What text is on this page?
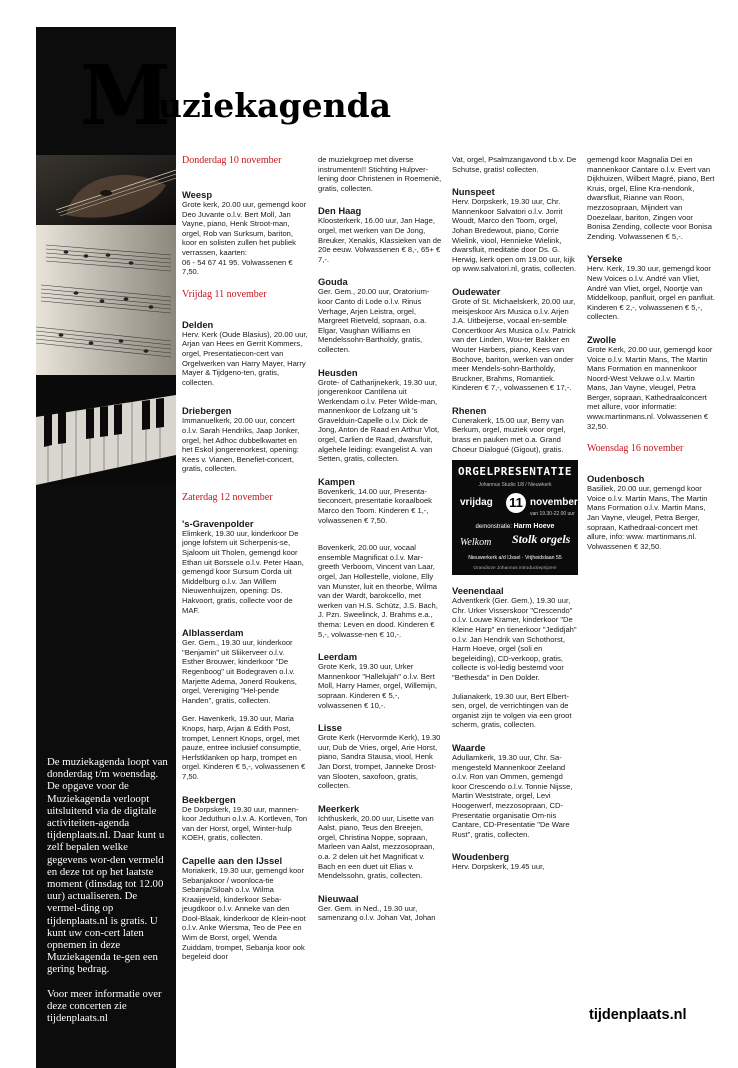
De muziekagenda loopt van donderdag t/m woensdag. De opgave voor de Muziekagenda verloopt uitsluitend via de digitale activiteiten-agenda tijdenplaats.nl. Daar kunt u zelf bepalen welke gegevens wor-den vermeld en deze tot op het laatste moment (dinsdag tot 12.00 uur) actualiseren. De vermel-ding op tijdenplaats.nl is gratis. U kunt uw con-cert laten opnemen in deze Muziekagenda te-gen een gering bedrag.

Voor meer informatie over deze concerten zie tijdenplaats.nl

M
uziekagenda

Donderdag 10 november

Weesp

Grote kerk, 20.00 uur, gemengd koor Deo Juvante o.l.v. Bert Moll, Jan Vayne, piano, Henk Stroot-man, orgel, Rob van Surksum, bariton, koor en solisten zullen het publiek verrassen, kaarten:
06 - 54 67 41 95. Volwassenen € 7,50.

Vrijdag 11 november

Delden

Herv. Kerk (Oude Blasius), 20.00 uur, Arjan van Hees en Gerrit Kommers, orgel, Presentatiecon-cert van Orgelwerken van Harry Mayer, Harry Mayer & Tijdgeno-ten, gratis, collecten.

Driebergen

Immanuelkerk, 20.00 uur, concert o.l.v. Sarah Hendriks, Jaap Jonker, orgel, het Adhoc dubbelkwartet en het Eskol jongerenorkest, opening: Kees v. Vianen, Benefiet-concert, gratis, collecten.

Zaterdag 12 november

's-Gravenpolder

Elimkerk, 19.30 uur, kinderkoor De jonge lofstem uit Scherpenis-se, Sjaloom uit Tholen, gemengd koor Ethan uit Borssele o.l.v. Peter Haan, gemengd koor Sursum Corda uit Middelburg o.l.v. Jan Willem Nieuwenhuijzen, opening: Ds. Hakvoort, gratis, collecte voor de MAF.

Alblasserdam

Ger. Gem., 19.30 uur, kinderkoor "Benjamin" uit Sliikerveer o.l.v. Esther Brouwer, kinderkoor "De Regenboog" uit Bodegraven o.l.v. Marjette Adema, Jonerd Roukens, orgel, Vereniging "Hel-pende Handen", gratis, collecten.

Ger. Havenkerk, 19.30 uur, Maria Knops, harp, Arjan & Edith Post, trompet, Lennert Knops, orgel, met pauze, entree inclusief consumptie, Herfstklanken op harp, trompet en orgel. Kinderen € 5,-, volwassenen € 7,50.

Beekbergen

De Dorpskerk, 19.30 uur, mannen-koor Jeduthun o.l.v. A. Kortleven, Ton van der Horst, orgel, Winter-hulp KOEH, gratis, collecten.

Capelle aan den IJssel

Moriakerk, 19.30 uur, gemengd koor Sebanjakoor / woonloca-tie Sebanja/Siloah o.l.v. Wilma Kraaijeveld, kinderkoor Seba-jeugdkoor o.l.v. Anneke van den Dool-Blaak, kinderkoor de Klein-noot o.l.v. Anke Wiersma, Teo de Pee en Wim de Borst, orgel, Wenda Zuiddam, trompet, Sebanja koor ook begeleid door

de muziekgroep met diverse instrumenten!! Stichting Hulpver-lening door Christenen in Roemenië, gratis, collecten.

Den Haag

Kloosterkerk, 16.00 uur, Jan Hage, orgel, met werken van De Jong, Breuker, Xenakis, Klassieken van de 20e eeuw. Volwassenen € 8,-, 65+ € 7,-.

Gouda

Ger. Gem., 20.00 uur, Oratorium-koor Canto di Lode o.l.v. Rinus Verhage, Arjen Leistra, orgel, Margreet Rietveld, sopraan, o.a. Elgar, Vaughan Williams en Mendelssohn-Bartholdy, gratis, collecten.

Heusden

Grote- of Catharijnekerk, 19.30 uur, jongerenkoor Cantilena uit Werkendam o.l.v. Peter Wilde-man, mannenkoor de Lofzang uit 's Gravelduin-Capelle o.l.v. Dick de Jong, Anton de Raad en Arthur Vlot, orgel, Carlien de Raad, dwarsfluit, algehele leiding: evangelist A. van Setten, gratis, collecten.

Kampen

Bovenkerk, 14.00 uur, Presenta-tieconcert, presentatie koraalboek Marco den Toom. Kinderen € 1,-, volwassenen € 7,50.

Bovenkerk, 20.00 uur, vocaal ensemble Magnificat o.l.v. Mar-greeth Verboom, Vincent van Laar, orgel, Jan Hollestelle, violone, Elly van Munster, luit en theorbe, Wilma van der Wardt, barokcello, met werken van H.S. Schütz, J.S. Bach, J. Pzn. Sweelinck, J. Brahms e.a., thema: Leven en dood. Kinderen € 5,-, volwasse-nen € 10,-.

Leerdam

Grote Kerk, 19.30 uur, Urker Mannenkoor "Hallelujah" o.l.v. Bert Moll, Harry Hamer, orgel, Willemijn, sopraan. Kinderen € 5,-, volwassenen € 10,-.

Lisse

Grote Kerk (Hervormde Kerk), 19.30 uur, Dub de Vries, orgel, Arie Horst, piano, Sandra Stausa, viool, Henk Jan Dorst, trompet, Janneke Drost-van Slooten, saxofoon, gratis, collecten.

Meerkerk

Ichthuskerk, 20.00 uur, Lisette van Aalst, piano, Teus den Breejen, orgel, Christina Noppe, sopraan, Marleen van Aalst, mezzosopraan, o.a. 2 delen uit het Magnificat v. Bach en een duet uit Elias v. Mendelssohn, gratis, collecten.

Nieuwaal

Ger. Gem. in Ned., 19.30 uur, samenzang o.l.v. Johan Vat, Johan

Vat, orgel, Psalmzangavond t.b.v. De Schutse, gratis! collecten.

Nunspeet

Herv. Dorpskerk, 19.30 uur, Chr. Mannenkoor Salvatori o.l.v. Jorrit Woudt, Marco den Toom, orgel, Johan Bredewout, piano, Corrie Wielink, viool, Hennieke Wielink, dwarsfluit, meditatie door Ds. G. Herwig, kerk open om 19.00 uur, kijk op www.salvatori.nl, gratis, collecten.

Oudewater

Grote of St. Michaelskerk, 20.00 uur, meisjeskoor Ars Musica o.l.v. Arjen J.A. Uitbeijerse, vocaal en-semble Concertkoor Ars Musica o.l.v. Patrick van der Linden, Wou-ter Bakker en Wouter Harbers, piano, Kees van Bochove, bariton, werken van onder meer Mendels-sohn-Bartholdy, Bruckner, Brahms, Romantiek. Kinderen € 7,-, volwassenen € 17,-.

Rhenen

Cunerakerk, 15.00 uur, Berry van Berkum, orgel, muziek voor orgel, brass en pauken met o.a. Grand Choeur Dialogué (Gigout), gratis.

ORGELPRESENTATIE
Johannus Studio 1/8 / Nieuwkerk
vrijdag 11 november
van 19.30-22.00 uur
demonstratie: Harm Hoeve
Welkom Stolk orgels
Nieuwerkerk a/d IJssel · Vrijheidslaan 55
Grandioze Johannus introductieprijzen!

Veenendaal

Adventkerk (Ger. Gem.), 19.30 uur, Chr. Urker Visserskoor "Crescendo" o.l.v. Louwe Kramer, kinderkoor "De Kleine Harp" en tienerkoor "Jedidjah" o.l.v. Jan Hendrik van Schothorst, Harm Hoeve, orgel (soli en begeleiding), CD-verkoop, gratis, collecte is vol-ledig bestemd voor "Bethesda" in Den Dolder.

Julianakerk, 19.30 uur, Bert Elbert-sen, orgel, de verrichtingen van de organist zijn te volgen via een groot scherm, gratis, collecten.

Waarde

Adullamkerk, 19.30 uur, Chr. Sa-mengesteld Mannenkoor Zeeland o.l.v. Ron van Ommen, gemengd koor Crescendo o.l.v. Tonnie Nijsse, Martin Weststrate, orgel, Levi Hoogerwerf, mezzosopraan, CD-Presentatie organisatie Om-nis Cantare, CD-Presentatie "De Ware Rust", gratis, collecten.

Woudenberg

Herv. Dorpskerk, 19.45 uur,

gemengd koor Magnalia Dei en mannenkoor Cantare o.l.v. Evert van Dijkhuizen, Wilbert Magré, piano, Bert Kruis, orgel, Eline Kra-nendonk, dwarsfluit, Rianne van Roon, mezzosopraan, Mijndert van Doezelaar, bariton, Zingen voor Bonisa Zending, collecte voor Bonisa Zending. Volwassenen € 5,-.

Yerseke

Herv. Kerk, 19.30 uur, gemengd koor New Voices o.l.v. André van Vliet, André van Vliet, orgel, Noortje van Middelkoop, panfluit, orgel en panfluit. Kinderen € 2,-, volwassenen € 5,-, collecten.

Zwolle

Grote Kerk, 20.00 uur, gemengd koor Voice o.l.v. Martin Mans, The Martin Mans Formation en mannenkoor Noord-West Veluwe o.l.v. Martin Mans, Jan Vayne, vleugel, Petra Berger, sopraan, Kathedraalconcert met allure, voor informatie: www.martinmans.nl. Volwassenen € 32,50.

Woensdag 16 november

Oudenbosch

Basiliek, 20.00 uur, gemengd koor Voice o.l.v. Martin Mans, The Martin Mans Formation o.l.v. Martin Mans, Jan Vayne, vleugel, Petra Berger, sopraan, Kathedraal-concert met allure, info: www. martinmans.nl. Volwassenen € 32,50.

tijdenplaats.nl
